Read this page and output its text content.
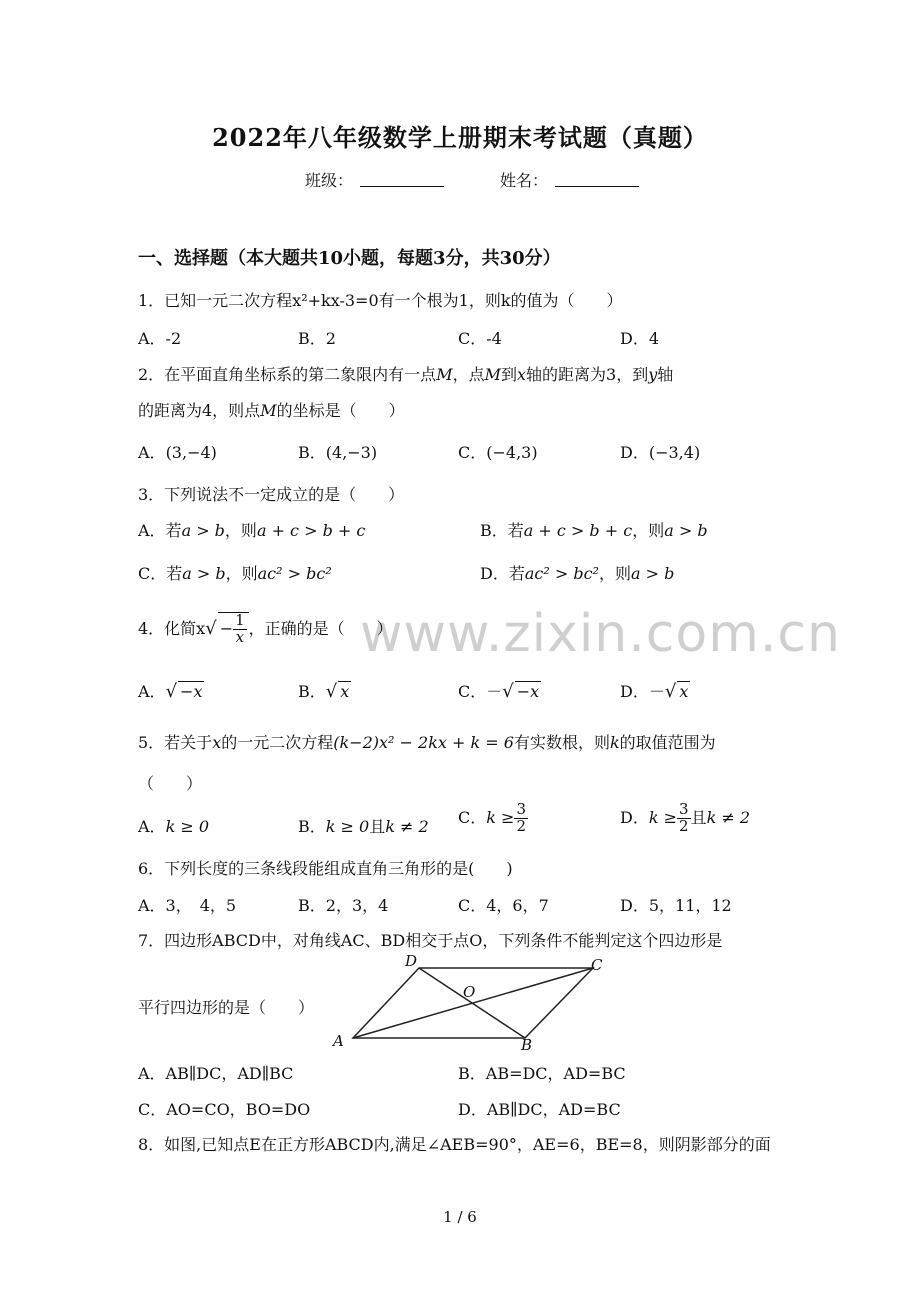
2022年八年级数学上册期末考试题（真题）
班级：	姓名：
一、选择题（本大题共10小题，每题3分，共30分）
1．已知一元二次方程x²+kx-3=0有一个根为1，则k的值为（　　）
A．-2	B．2	C．-4	D．4
2．在平面直角坐标系的第二象限内有一点M，点M到x轴的距离为3，到y轴
的距离为4，则点M的坐标是（　　）
A．(3,−4)	B．(4,−3)	C．(−4,3)	D．(−3,4)
3．下列说法不一定成立的是（　　）
A．若a > b，则a + c > b + c	B．若a + c > b + c，则a > b
C．若a > b，则ac² > bc²	D．若ac² > bc²，则a > b
www.zixin.com.cn
4．化简$x√ - \frac{1}{x}$ ，正确的是（　　）
A．√ −x	B．√ x	C．－√ −x	D．－√ x
5．若关于x的一元二次方程(k−2)x² − 2kx + k = 6有实数根，则k的取值范围为
（　　）
A．k ≥ 0	B．k ≥ 0且k ≠ 2 C．$k \ge \frac{3}{2}$	D．$k \ge \frac{3}{2}$ 且k ≠ 2
6．下列长度的三条线段能组成直角三角形的是(　　)
A．3，　4，5	B．2，3，4	C．4，6，7	D．5，11，12
7．四边形ABCD中，对角线AC、BD相交于点O，下列条件不能判定这个四边形是
平行四边形的是（　　）
A	B
C
D
O
A．AB∥DC，AD∥BC	B．AB=DC，AD=BC
C．AO=CO，BO=DO	D．AB∥DC，AD=BC
8．如图,已知点E在正方形ABCD内,满足∠AEB=90°，AE=6，BE=8，则阴影部分的面
1 / 6
